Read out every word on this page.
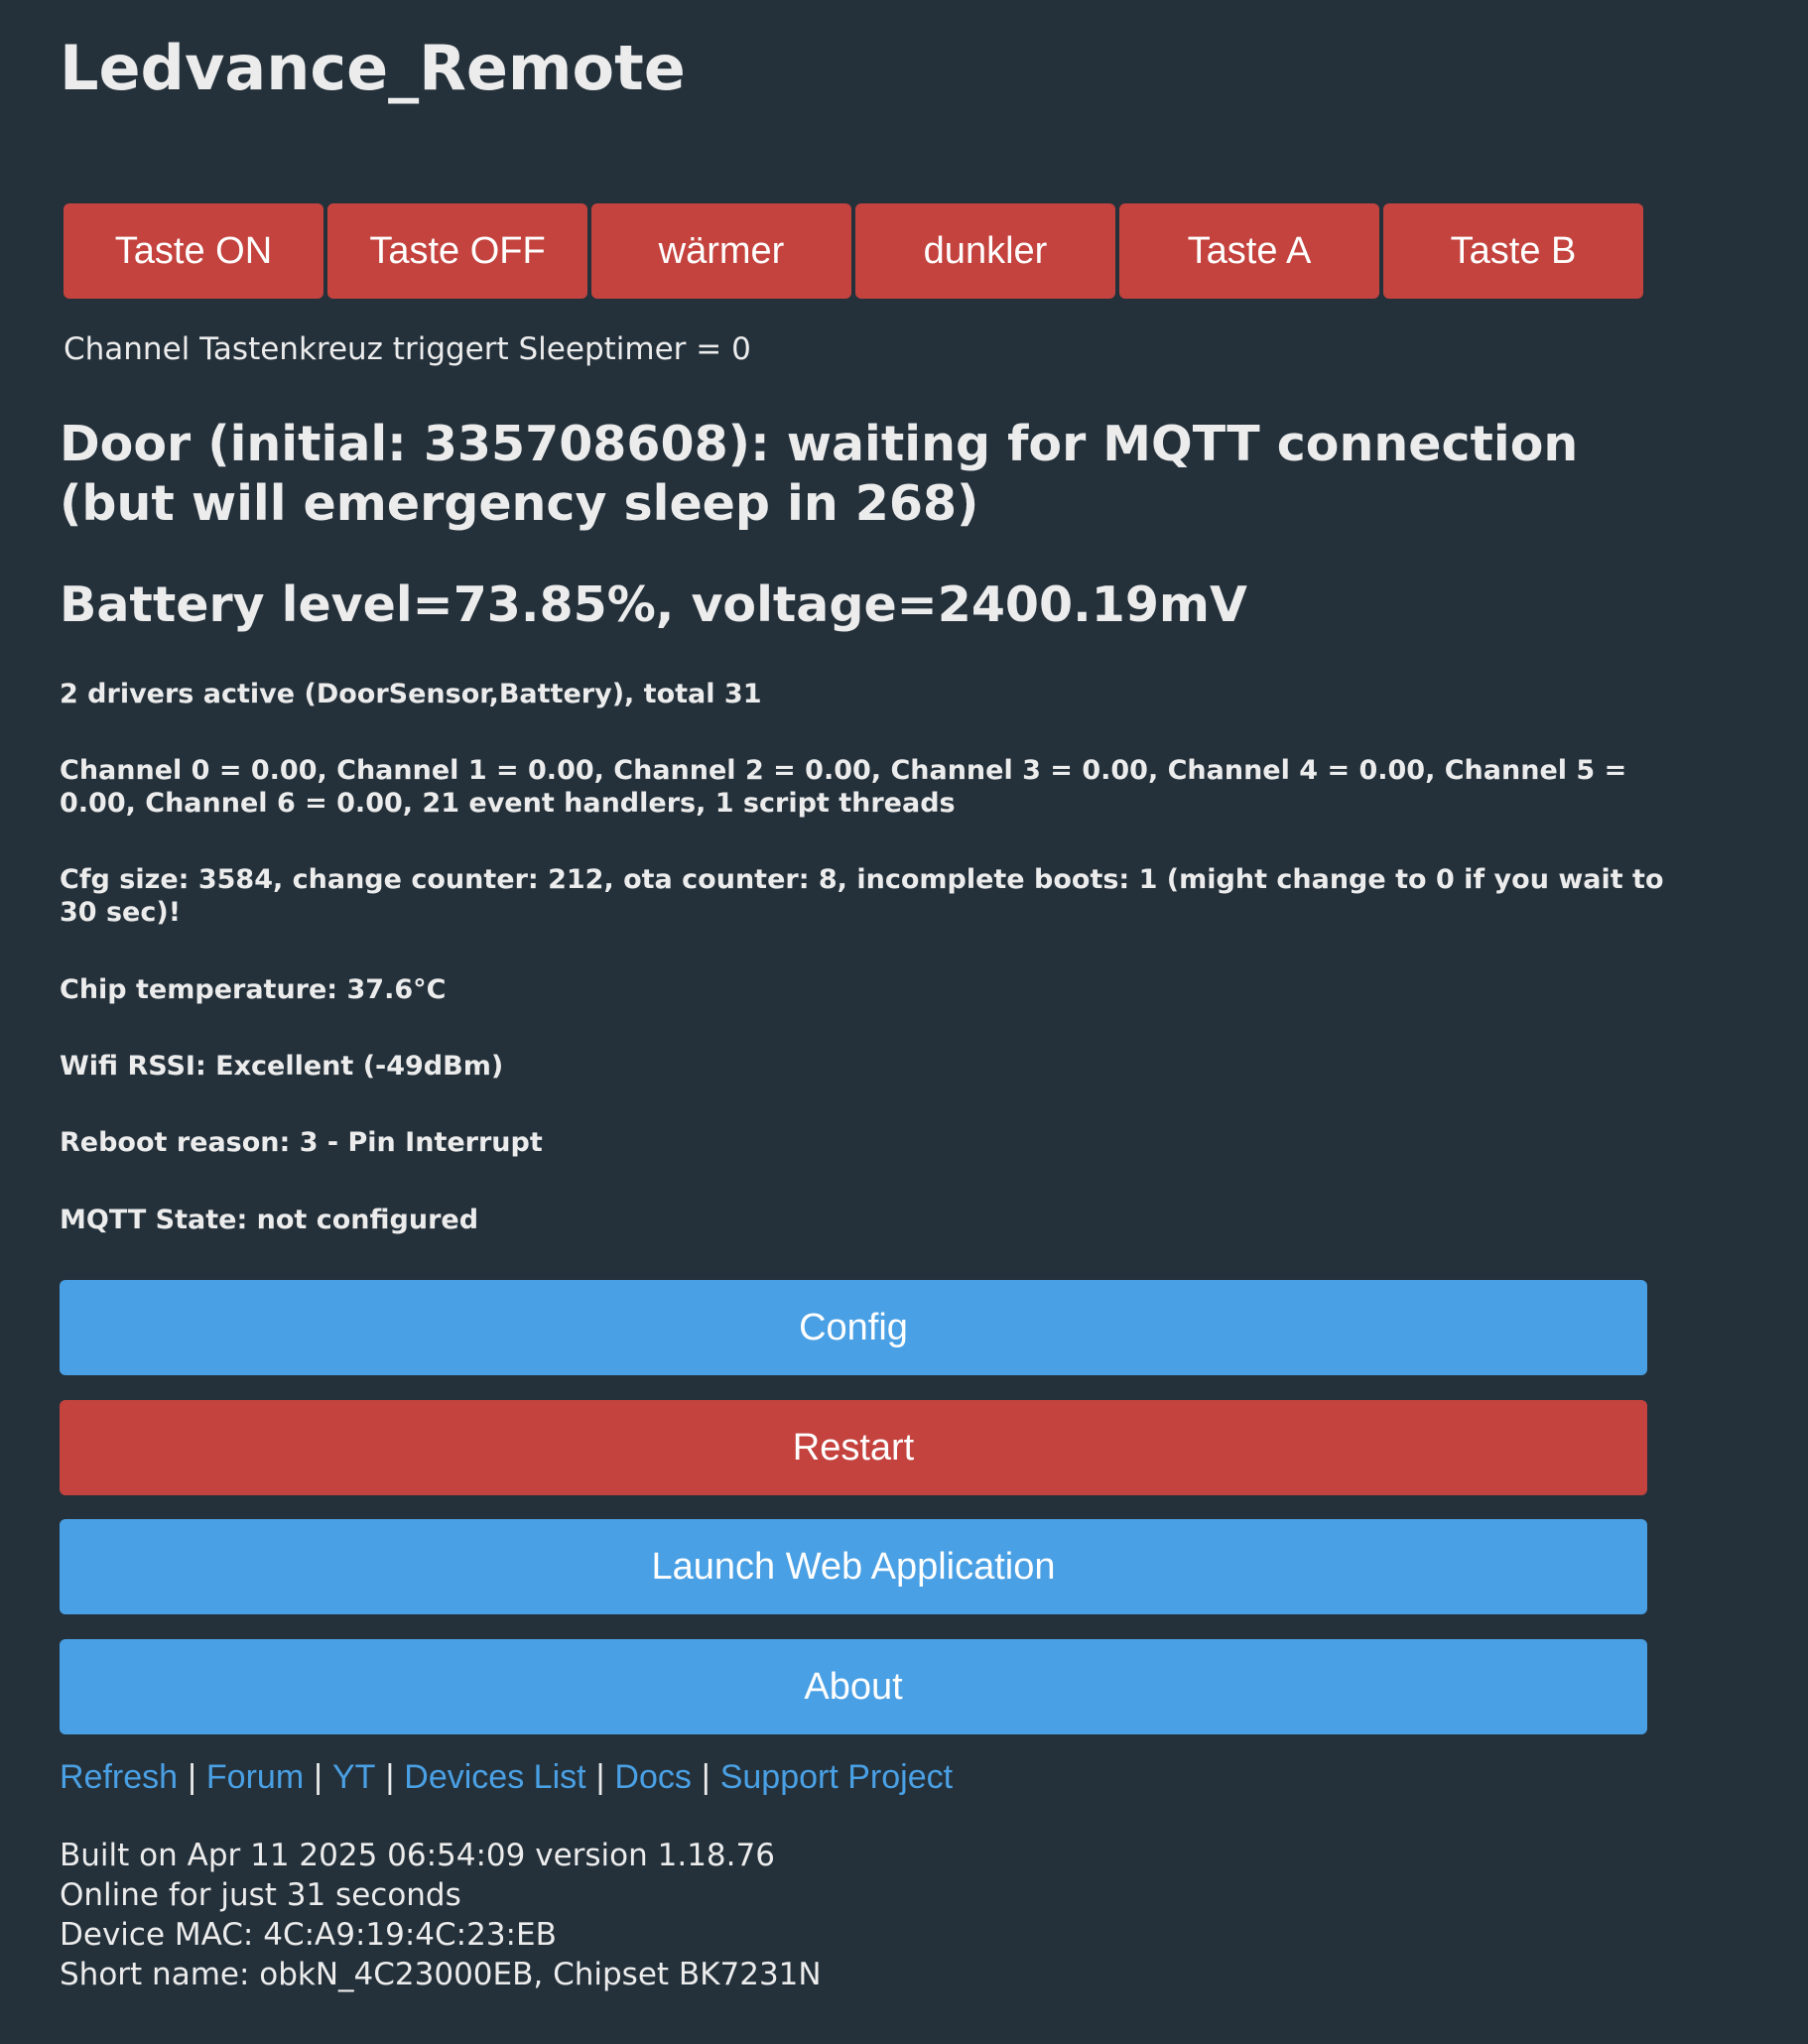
Ledvance_Remote
Taste ON	Taste OFF	wärmer	dunkler	Taste A	Taste B
Channel Tastenkreuz triggert Sleeptimer = 0
Door (initial: 335708608): waiting for MQTT connection (but will emergency sleep in 268)
Battery level=73.85%, voltage=2400.19mV
2 drivers active (DoorSensor,Battery), total 31
Channel 0 = 0.00, Channel 1 = 0.00, Channel 2 = 0.00, Channel 3 = 0.00, Channel 4 = 0.00, Channel 5 = 0.00, Channel 6 = 0.00, 21 event handlers, 1 script threads
Cfg size: 3584, change counter: 212, ota counter: 8, incomplete boots: 1 (might change to 0 if you wait to 30 sec)!
Chip temperature: 37.6°C
Wifi RSSI: Excellent (-49dBm)
Reboot reason: 3 - Pin Interrupt
MQTT State: not configured
Config
Restart
Launch Web Application
About
Refresh | Forum | YT | Devices List | Docs | Support Project
Built on Apr 11 2025 06:54:09 version 1.18.76
Online for just 31 seconds
Device MAC: 4C:A9:19:4C:23:EB
Short name: obkN_4C23000EB, Chipset BK7231N
